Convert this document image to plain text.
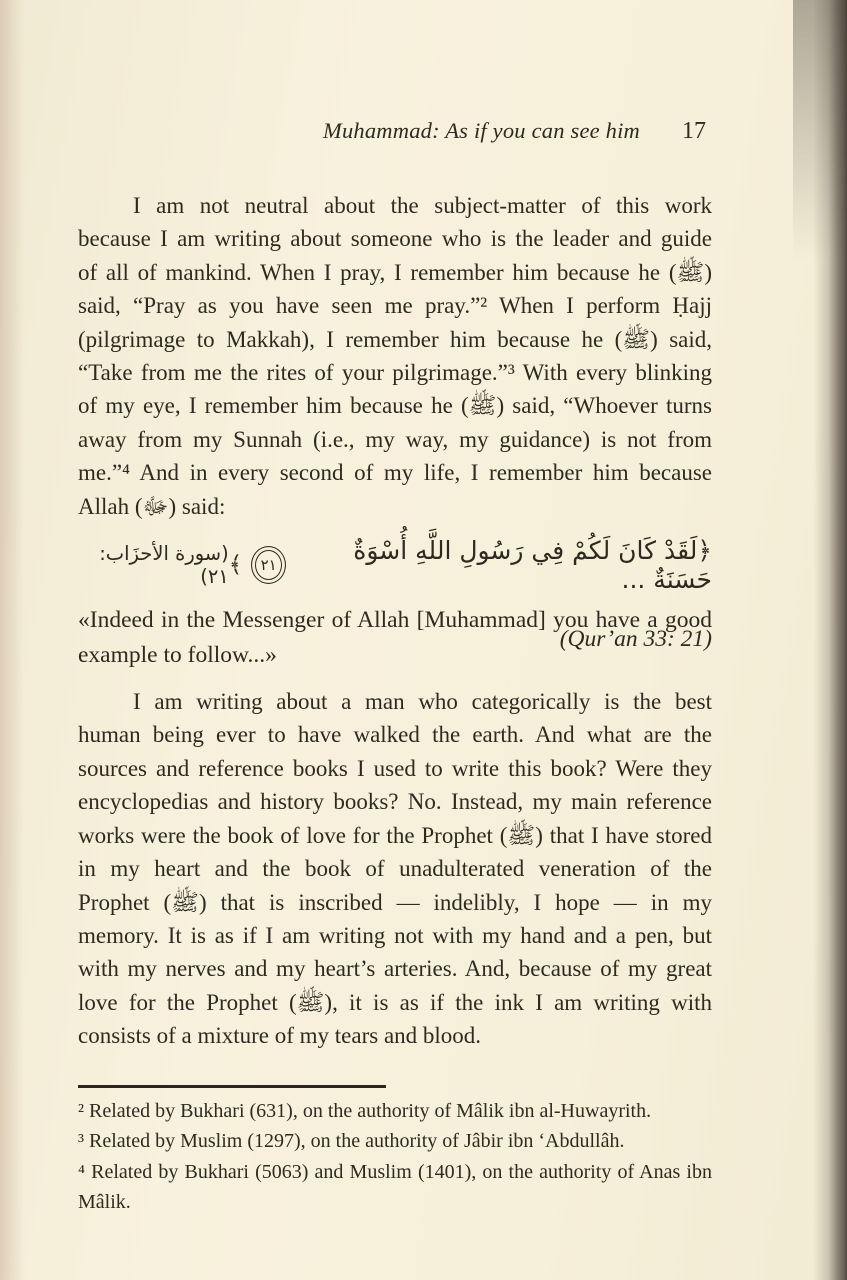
Muhammad: As if you can see him 17
I am not neutral about the subject-matter of this work
because I am writing about someone who is the leader and guide
of all of mankind. When I pray, I remember him because he (ﷺ)
said, “Pray as you have seen me pray.”² When I perform Ḥajj
(pilgrimage to Makkah), I remember him because he (ﷺ) said,
“Take from me the rites of your pilgrimage.”³ With every blinking
of my eye, I remember him because he (ﷺ) said, “Whoever turns
away from my Sunnah (i.e., my way, my guidance) is not from
me.”⁴ And in every second of my life, I remember him because
Allah (ﷻ) said:
﴿لَقَدْ كَانَ لَكُمْ فِي رَسُولِ اللَّهِ أُسْوَةٌ حَسَنَةٌ ...
٢١
﴾
(سورة الأحزَاب: ٢١)
«Indeed in the Messenger of Allah [Muhammad] you have a good
example to follow...»
(Qur’an 33: 21)
I am writing about a man who categorically is the best
human being ever to have walked the earth. And what are the
sources and reference books I used to write this book? Were they
encyclopedias and history books? No. Instead, my main reference
works were the book of love for the Prophet (ﷺ) that I have stored
in my heart and the book of unadulterated veneration of the
Prophet (ﷺ) that is inscribed — indelibly, I hope — in my
memory. It is as if I am writing not with my hand and a pen, but
with my nerves and my heart’s arteries. And, because of my great
love for the Prophet (ﷺ), it is as if the ink I am writing with
consists of a mixture of my tears and blood.
² Related by Bukhari (631), on the authority of Mâlik ibn al-Huwayrith.
³ Related by Muslim (1297), on the authority of Jâbir ibn ‘Abdullâh.
⁴ Related by Bukhari (5063) and Muslim (1401), on the authority of Anas ibn
Mâlik.
